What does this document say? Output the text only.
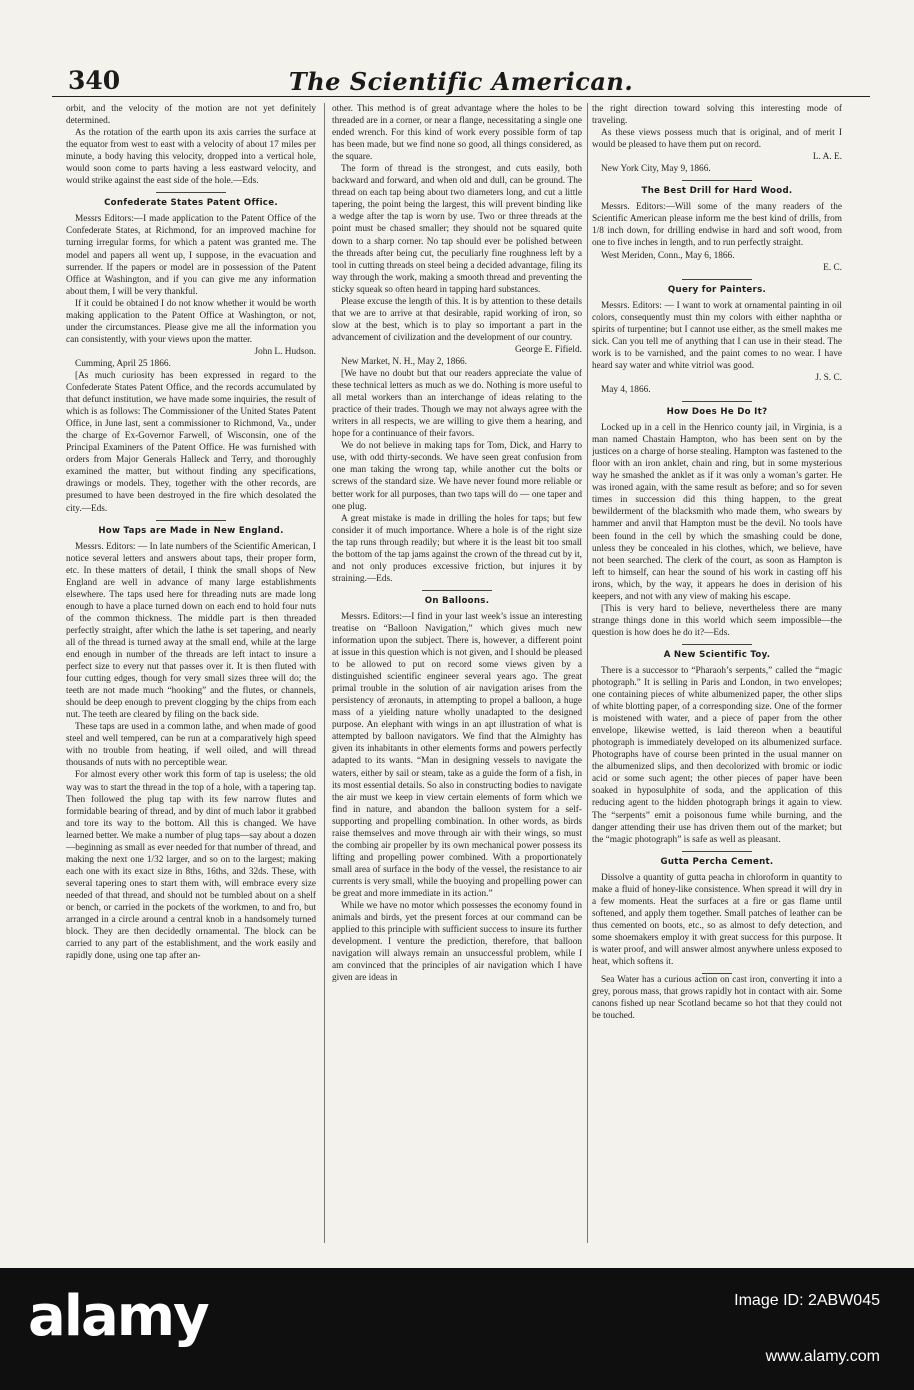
340	The Scientific American.

orbit, and the velocity of the motion are not yet definitely determined.

As the rotation of the earth upon its axis carries the surface at the equator from west to east with a velocity of about 17 miles per minute, a body having this velocity, dropped into a vertical hole, would soon come to parts having a less eastward velocity, and would strike against the east side of the hole.—Eds.

Confederate States Patent Office.

Messrs Editors:—I made application to the Patent Office of the Confederate States, at Richmond, for an improved machine for turning irregular forms, for which a patent was granted me. The model and papers all went up, I suppose, in the evacuation and surrender. If the papers or model are in possession of the Patent Office at Washington, and if you can give me any information about them, I will be very thankful.

If it could be obtained I do not know whether it would be worth making application to the Patent Office at Washington, or not, under the circumstances. Please give me all the information you can consistently, with your views upon the matter.

John L. Hudson.

Cumming, April 25 1866.

[As much curiosity has been expressed in regard to the Confederate States Patent Office, and the records accumulated by that defunct institution, we have made some inquiries, the result of which is as follows: The Commissioner of the United States Patent Office, in June last, sent a commissioner to Richmond, Va., under the charge of Ex-Governor Farwell, of Wisconsin, one of the Principal Examiners of the Patent Office. He was furnished with orders from Major Generals Halleck and Terry, and thoroughly examined the matter, but without finding any specifications, drawings or models. They, together with the other records, are presumed to have been destroyed in the fire which desolated the city.—Eds.

How Taps are Made in New England.

Messrs. Editors: — In late numbers of the Scientific American, I notice several letters and answers about taps, their proper form, etc. In these matters of detail, I think the small shops of New England are well in advance of many large establishments elsewhere. The taps used here for threading nuts are made long enough to have a place turned down on each end to hold four nuts of the common thickness. The middle part is then threaded perfectly straight, after which the lathe is set tapering, and nearly all of the thread is turned away at the small end, while at the large end enough in number of the threads are left intact to insure a perfect size to every nut that passes over it. It is then fluted with four cutting edges, though for very small sizes three will do; the teeth are not made much “hooking” and the flutes, or channels, should be deep enough to prevent clogging by the chips from each nut. The teeth are cleared by filing on the back side.

These taps are used in a common lathe, and when made of good steel and well tempered, can be run at a comparatively high speed with no trouble from heating, if well oiled, and will thread thousands of nuts with no perceptible wear.

For almost every other work this form of tap is useless; the old way was to start the thread in the top of a hole, with a tapering tap. Then followed the plug tap with its few narrow flutes and formidable bearing of thread, and by dint of much labor it grabbed and tore its way to the bottom. All this is changed. We have learned better. We make a number of plug taps—say about a dozen—beginning as small as ever needed for that number of thread, and making the next one 1/32 larger, and so on to the largest; making each one with its exact size in 8ths, 16ths, and 32ds. These, with several tapering ones to start them with, will embrace every size needed of that thread, and should not be tumbled about on a shelf or bench, or carried in the pockets of the workmen, to and fro, but arranged in a circle around a central knob in a handsomely turned block. They are then decidedly ornamental. The block can be carried to any part of the establishment, and the work easily and rapidly done, using one tap after an-

other. This method is of great advantage where the holes to be threaded are in a corner, or near a flange, necessitating a single one ended wrench. For this kind of work every possible form of tap has been made, but we find none so good, all things considered, as the square.

The form of thread is the strongest, and cuts easily, both backward and forward, and when old and dull, can be ground. The thread on each tap being about two diameters long, and cut a little tapering, the point being the largest, this will prevent binding like a wedge after the tap is worn by use. Two or three threads at the point must be chased smaller; they should not be squared quite down to a sharp corner. No tap should ever be polished between the threads after being cut, the peculiarly fine roughness left by a tool in cutting threads on steel being a decided advantage, filing its way through the work, making a smooth thread and preventing the sticky squeak so often heard in tapping hard substances.

Please excuse the length of this. It is by attention to these details that we are to arrive at that desirable, rapid working of iron, so slow at the best, which is to play so important a part in the advancement of civilization and the development of our country.

George E. Fifield.

New Market, N. H., May 2, 1866.

[We have no doubt but that our readers appreciate the value of these technical letters as much as we do. Nothing is more useful to all metal workers than an interchange of ideas relating to the practice of their trades. Though we may not always agree with the writers in all respects, we are willing to give them a hearing, and hope for a continuance of their favors.

We do not believe in making taps for Tom, Dick, and Harry to use, with odd thirty-seconds. We have seen great confusion from one man taking the wrong tap, while another cut the bolts or screws of the standard size. We have never found more reliable or better work for all purposes, than two taps will do — one taper and one plug.

A great mistake is made in drilling the holes for taps; but few consider it of much importance. Where a hole is of the right size the tap runs through readily; but where it is the least bit too small the bottom of the tap jams against the crown of the thread cut by it, and not only produces excessive friction, but injures it by straining.—Eds.

On Balloons.

Messrs. Editors:—I find in your last week’s issue an interesting treatise on “Balloon Navigation,” which gives much new information upon the subject. There is, however, a different point at issue in this question which is not given, and I should be pleased to be allowed to put on record some views given by a distinguished scientific engineer several years ago. The great primal trouble in the solution of air navigation arises from the persistency of æronauts, in attempting to propel a balloon, a huge mass of a yielding nature wholly unadapted to the designed purpose. An elephant with wings in an apt illustration of what is attempted by balloon navigators. We find that the Almighty has given its inhabitants in other elements forms and powers perfectly adapted to its wants. “Man in designing vessels to navigate the waters, either by sail or steam, take as a guide the form of a fish, in its most essential details. So also in constructing bodies to navigate the air must we keep in view certain elements of form which we find in nature, and abandon the balloon system for a self-supporting and propelling combination. In other words, as birds raise themselves and move through air with their wings, so must the combing air propeller by its own mechanical power possess its lifting and propelling power combined. With a proportionately small area of surface in the body of the vessel, the resistance to air currents is very small, while the buoying and propelling power can be great and more immediate in its action.”

While we have no motor which possesses the economy found in animals and birds, yet the present forces at our command can be applied to this principle with sufficient success to insure its further development. I venture the prediction, therefore, that balloon navigation will always remain an unsuccessful problem, while I am convinced that the principles of air navigation which I have given are ideas in

the right direction toward solving this interesting mode of traveling.

As these views possess much that is original, and of merit I would be pleased to have them put on record.

L. A. E.

New York City, May 9, 1866.

The Best Drill for Hard Wood.

Messrs. Editors:—Will some of the many readers of the Scientific American please inform me the best kind of drills, from 1/8 inch down, for drilling endwise in hard and soft wood, from one to five inches in length, and to run perfectly straight.

West Meriden, Conn., May 6, 1866.

E. C.

Query for Painters.

Messrs. Editors: — I want to work at ornamental painting in oil colors, consequently must thin my colors with either naphtha or spirits of turpentine; but I cannot use either, as the smell makes me sick. Can you tell me of anything that I can use in their stead. The work is to be varnished, and the paint comes to no wear. I have heard say water and white vitriol was good.

J. S. C.

May 4, 1866.

How Does He Do It?

Locked up in a cell in the Henrico county jail, in Virginia, is a man named Chastain Hampton, who has been sent on by the justices on a charge of horse stealing. Hampton was fastened to the floor with an iron anklet, chain and ring, but in some mysterious way he smashed the anklet as if it was only a woman’s garter. He was ironed again, with the same result as before; and so for seven times in succession did this thing happen, to the great bewilderment of the blacksmith who made them, who swears by hammer and anvil that Hampton must be the devil. No tools have been found in the cell by which the smashing could be done, unless they be concealed in his clothes, which, we believe, have not been searched. The clerk of the court, as soon as Hampton is left to himself, can hear the sound of his work in casting off his irons, which, by the way, it appears he does in derision of his keepers, and not with any view of making his escape.

[This is very hard to believe, nevertheless there are many strange things done in this world which seem impossible—the question is how does he do it?—Eds.

A New Scientific Toy.

There is a successor to “Pharaoh’s serpents,” called the “magic photograph.” It is selling in Paris and London, in two envelopes; one containing pieces of white albumenized paper, the other slips of white blotting paper, of a corresponding size. One of the former is moistened with water, and a piece of paper from the other envelope, likewise wetted, is laid thereon when a beautiful photograph is immediately developed on its albumenized surface. Photographs have of course been printed in the usual manner on the albumenized slips, and then decolorized with bromic or iodic acid or some such agent; the other pieces of paper have been soaked in hyposulphite of soda, and the application of this reducing agent to the hidden photograph brings it again to view. The “serpents” emit a poisonous fume while burning, and the danger attending their use has driven them out of the market; but the “magic photograph” is safe as well as pleasant.

Gutta Percha Cement.

Dissolve a quantity of gutta peacha in chloroform in quantity to make a fluid of honey-like consistence. When spread it will dry in a few moments. Heat the surfaces at a fire or gas flame until softened, and apply them together. Small patches of leather can be thus cemented on boots, etc., so as almost to defy detection, and some shoemakers employ it with great success for this purpose. It is water proof, and will answer almost anywhere unless exposed to heat, which softens it.

Sea Water has a curious action on cast iron, converting it into a grey, porous mass, that grows rapidly hot in contact with air. Some canons fished up near Scotland became so hot that they could not be touched.

alamy	Image ID: 2ABW045
www.alamy.com
